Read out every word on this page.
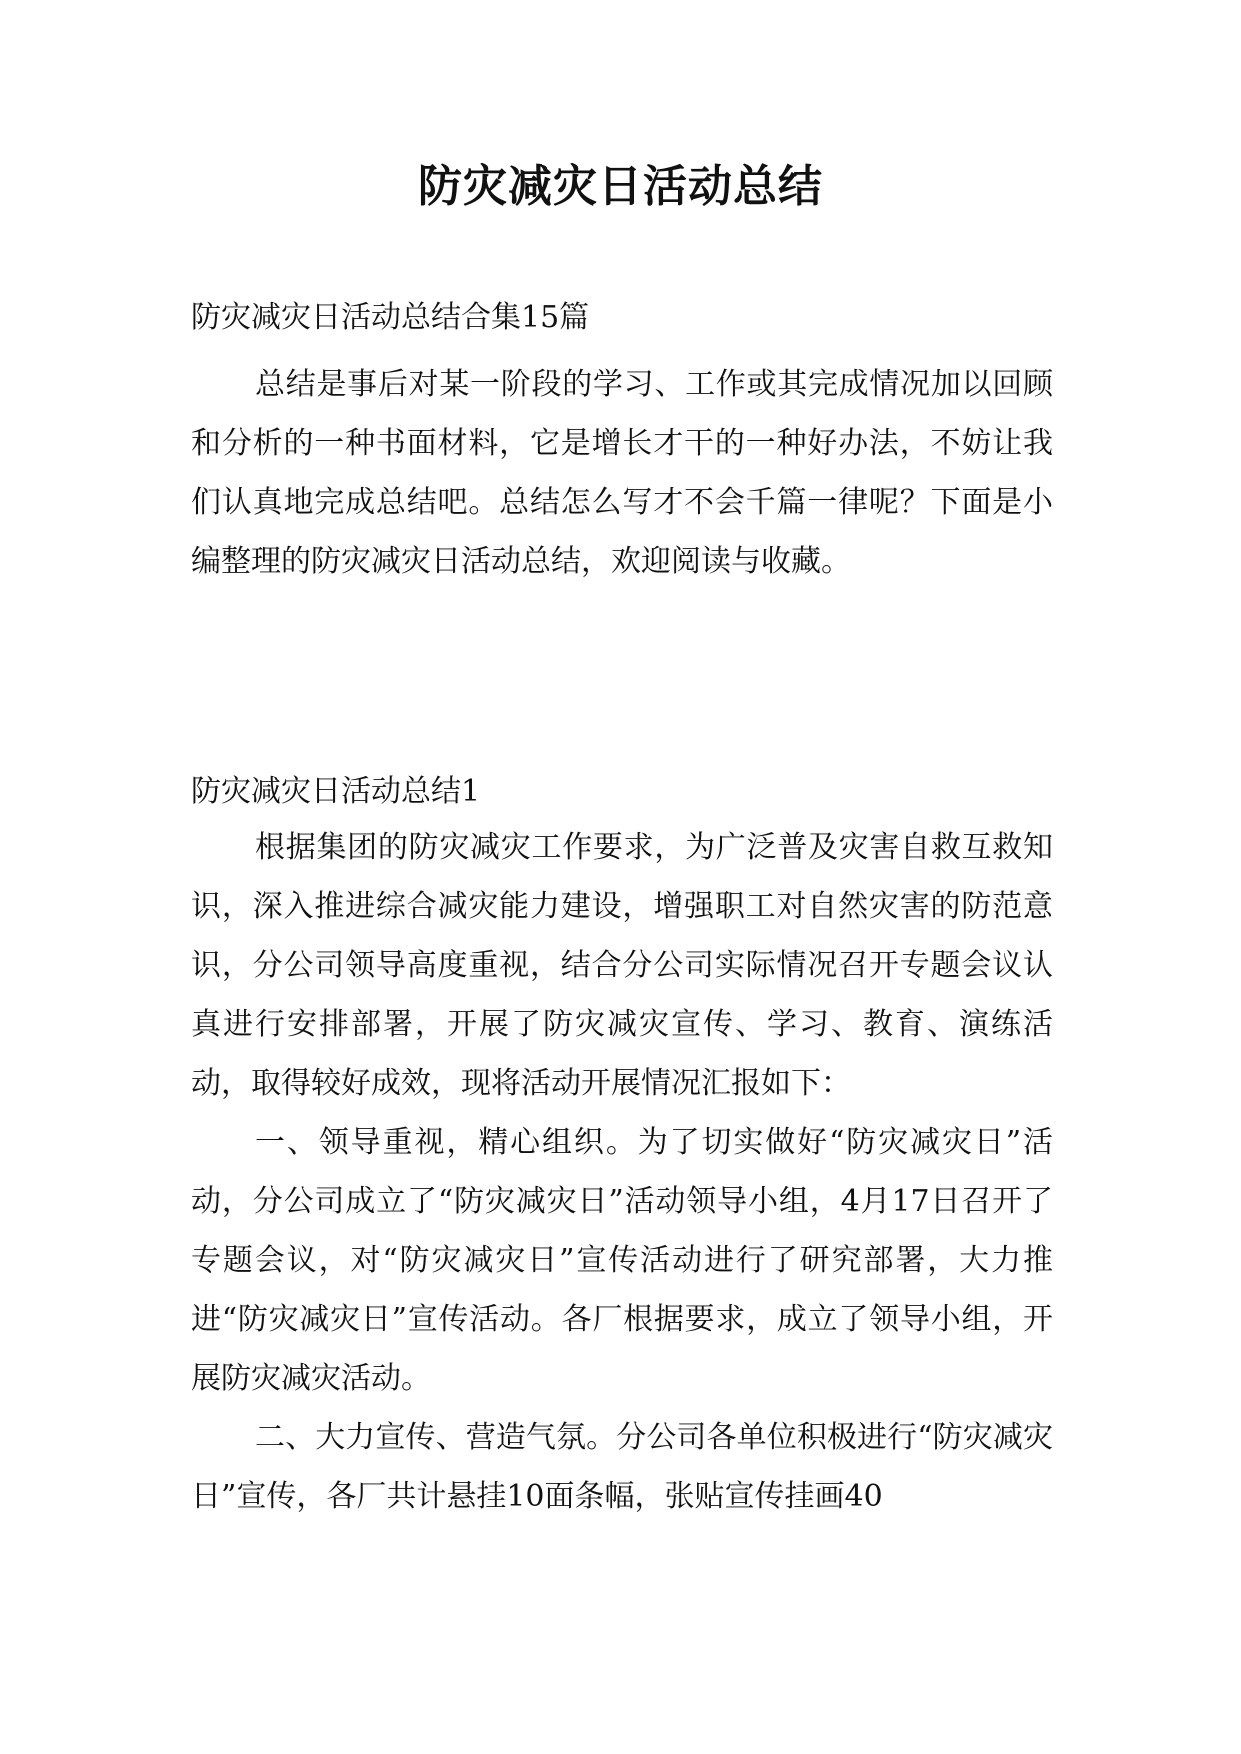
防灾减灾日活动总结

防灾减灾日活动总结合集15篇

总结是事后对某一阶段的学习、工作或其完成情况加以回顾和分析的一种书面材料，它是增长才干的一种好办法，不妨让我们认真地完成总结吧。总结怎么写才不会千篇一律呢？下面是小编整理的防灾减灾日活动总结，欢迎阅读与收藏。

防灾减灾日活动总结1

根据集团的防灾减灾工作要求，为广泛普及灾害自救互救知识，深入推进综合减灾能力建设，增强职工对自然灾害的防范意识，分公司领导高度重视，结合分公司实际情况召开专题会议认真进行安排部署，开展了防灾减灾宣传、学习、教育、演练活动，取得较好成效，现将活动开展情况汇报如下：

一、领导重视，精心组织。为了切实做好“防灾减灾日”活动，分公司成立了“防灾减灾日”活动领导小组，4月17日召开了专题会议，对“防灾减灾日”宣传活动进行了研究部署，大力推进“防灾减灾日”宣传活动。各厂根据要求，成立了领导小组，开展防灾减灾活动。

二、大力宣传、营造气氛。分公司各单位积极进行“防灾减灾日”宣传，各厂共计悬挂10面条幅，张贴宣传挂画40
